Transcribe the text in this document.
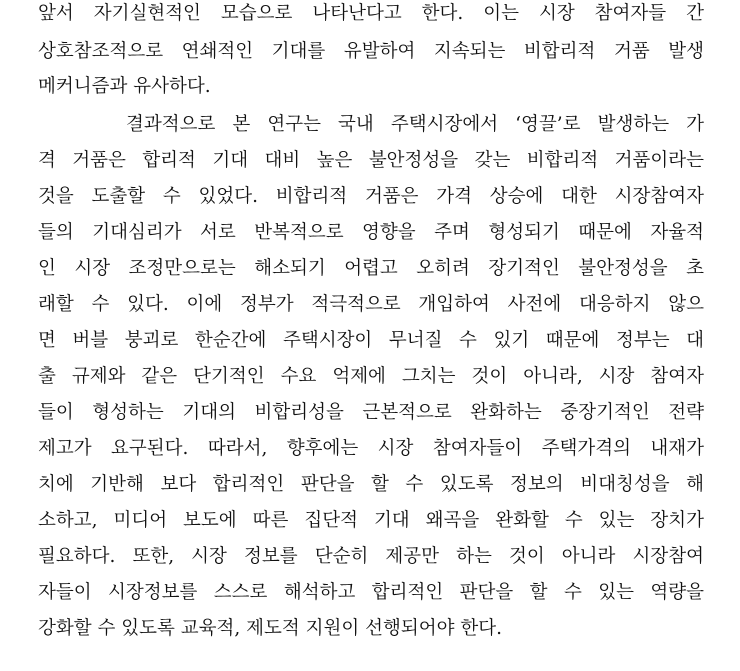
앞서 자기실현적인 모습으로 나타난다고 한다. 이는 시장 참여자들 간

상호참조적으로 연쇄적인 기대를 유발하여 지속되는 비합리적 거품 발생

메커니즘과 유사하다.

결과적으로 본 연구는 국내 주택시장에서 ‘영끌’로 발생하는 가

격 거품은 합리적 기대 대비 높은 불안정성을 갖는 비합리적 거품이라는

것을 도출할 수 있었다. 비합리적 거품은 가격 상승에 대한 시장참여자

들의 기대심리가 서로 반복적으로 영향을 주며 형성되기 때문에 자율적

인 시장 조정만으로는 해소되기 어렵고 오히려 장기적인 불안정성을 초

래할 수 있다. 이에 정부가 적극적으로 개입하여 사전에 대응하지 않으

면 버블 붕괴로 한순간에 주택시장이 무너질 수 있기 때문에 정부는 대

출 규제와 같은 단기적인 수요 억제에 그치는 것이 아니라, 시장 참여자

들이 형성하는 기대의 비합리성을 근본적으로 완화하는 중장기적인 전략

제고가 요구된다. 따라서, 향후에는 시장 참여자들이 주택가격의 내재가

치에 기반해 보다 합리적인 판단을 할 수 있도록 정보의 비대칭성을 해

소하고, 미디어 보도에 따른 집단적 기대 왜곡을 완화할 수 있는 장치가

필요하다. 또한, 시장 정보를 단순히 제공만 하는 것이 아니라 시장참여

자들이 시장정보를 스스로 해석하고 합리적인 판단을 할 수 있는 역량을

강화할 수 있도록 교육적, 제도적 지원이 선행되어야 한다.
